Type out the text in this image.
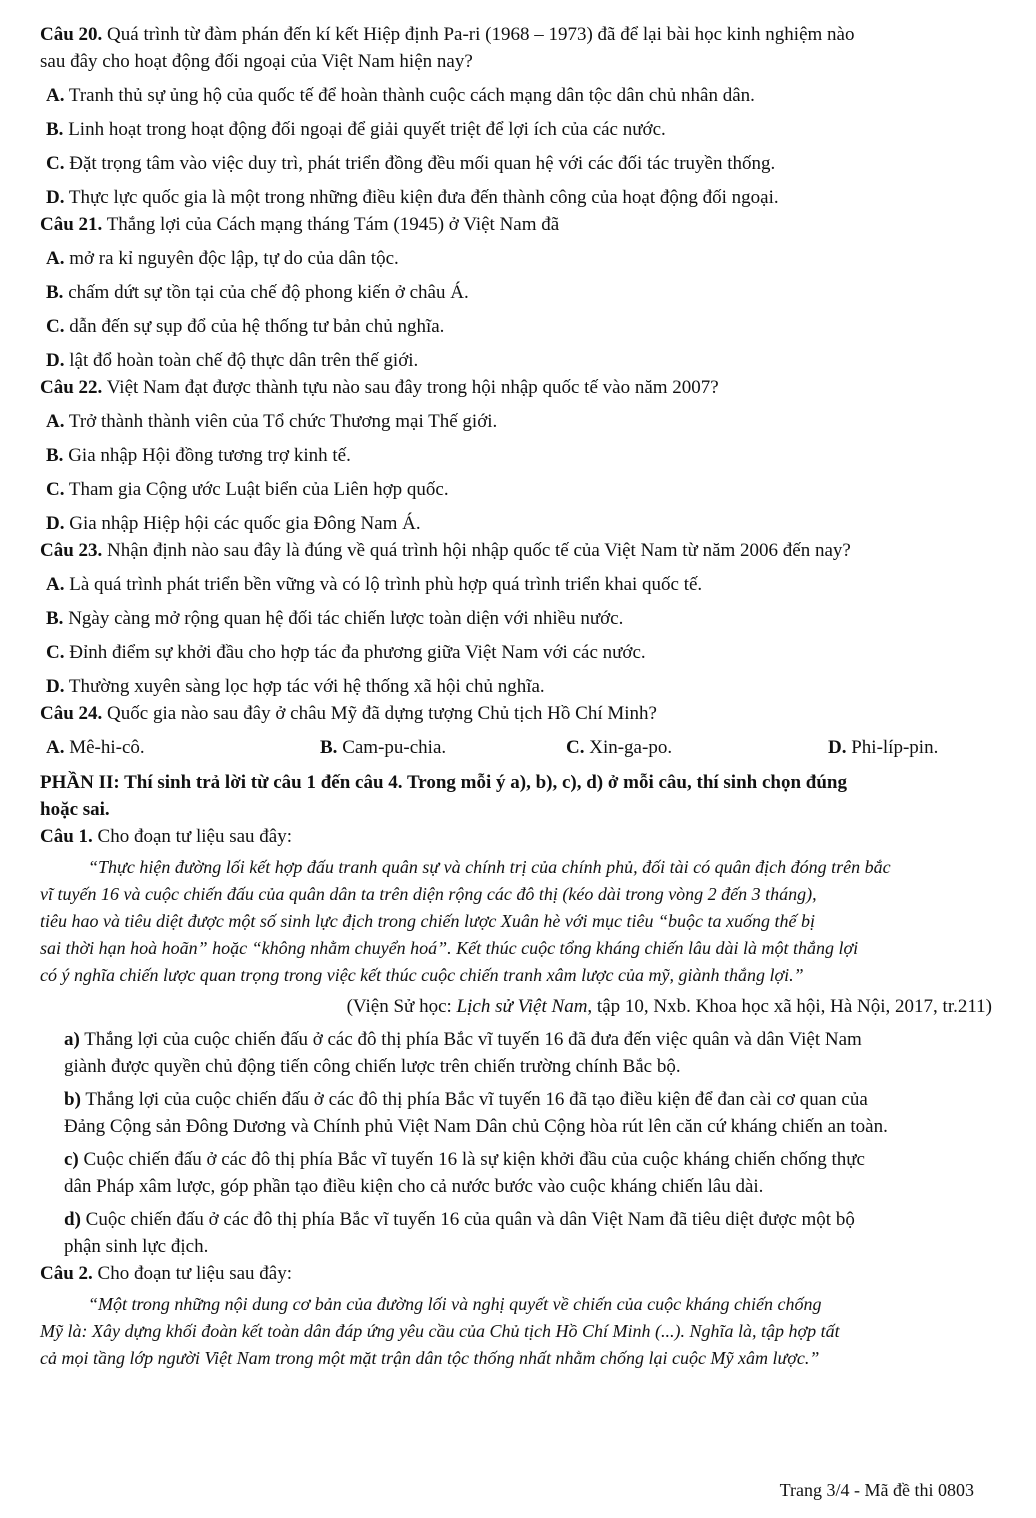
Câu 20. Quá trình từ đàm phán đến kí kết Hiệp định Pa-ri (1968 – 1973) đã để lại bài học kinh nghiệm nào

sau đây cho hoạt động đối ngoại của Việt Nam hiện nay?

A. Tranh thủ sự ủng hộ của quốc tế để hoàn thành cuộc cách mạng dân tộc dân chủ nhân dân.

B. Linh hoạt trong hoạt động đối ngoại để giải quyết triệt để lợi ích của các nước.

C. Đặt trọng tâm vào việc duy trì, phát triển đồng đều mối quan hệ với các đối tác truyền thống.

D. Thực lực quốc gia là một trong những điều kiện đưa đến thành công của hoạt động đối ngoại.

Câu 21. Thắng lợi của Cách mạng tháng Tám (1945) ở Việt Nam đã

A. mở ra kỉ nguyên độc lập, tự do của dân tộc.

B. chấm dứt sự tồn tại của chế độ phong kiến ở châu Á.

C. dẫn đến sự sụp đổ của hệ thống tư bản chủ nghĩa.

D. lật đổ hoàn toàn chế độ thực dân trên thế giới.

Câu 22. Việt Nam đạt được thành tựu nào sau đây trong hội nhập quốc tế vào năm 2007?

A. Trở thành thành viên của Tổ chức Thương mại Thế giới.

B. Gia nhập Hội đồng tương trợ kinh tế.

C. Tham gia Cộng ước Luật biển của Liên hợp quốc.

D. Gia nhập Hiệp hội các quốc gia Đông Nam Á.

Câu 23. Nhận định nào sau đây là đúng về quá trình hội nhập quốc tế của Việt Nam từ năm 2006 đến nay?

A. Là quá trình phát triển bền vững và có lộ trình phù hợp quá trình triển khai quốc tế.

B. Ngày càng mở rộng quan hệ đối tác chiến lược toàn diện với nhiều nước.

C. Đỉnh điểm sự khởi đầu cho hợp tác đa phương giữa Việt Nam với các nước.

D. Thường xuyên sàng lọc hợp tác với hệ thống xã hội chủ nghĩa.

Câu 24. Quốc gia nào sau đây ở châu Mỹ đã dựng tượng Chủ tịch Hồ Chí Minh?

A. Mê-hi-cô.	B. Cam-pu-chia.	C. Xin-ga-po.	D. Phi-líp-pin.

PHẦN II: Thí sinh trả lời từ câu 1 đến câu 4. Trong mỗi ý a), b), c), d) ở mỗi câu, thí sinh chọn đúng

hoặc sai.

Câu 1. Cho đoạn tư liệu sau đây:

“Thực hiện đường lối kết hợp đấu tranh quân sự và chính trị của chính phủ, đối tài có quân địch đóng trên bắc
vĩ tuyến 16 và cuộc chiến đấu của quân dân ta trên diện rộng các đô thị (kéo dài trong vòng 2 đến 3 tháng),
tiêu hao và tiêu diệt được một số sinh lực địch trong chiến lược Xuân hè với mục tiêu “buộc ta xuống thế bị
sai thời hạn hoà hoãn” hoặc “không nhằm chuyển hoá”. Kết thúc cuộc tổng kháng chiến lâu dài là một thắng lợi
có ý nghĩa chiến lược quan trọng trong việc kết thúc cuộc chiến tranh xâm lược của mỹ, giành thắng lợi.”

(Viện Sử học: Lịch sử Việt Nam, tập 10, Nxb. Khoa học xã hội, Hà Nội, 2017, tr.211)

a) Thắng lợi của cuộc chiến đấu ở các đô thị phía Bắc vĩ tuyến 16 đã đưa đến việc quân và dân Việt Nam
giành được quyền chủ động tiến công chiến lược trên chiến trường chính Bắc bộ.

b) Thắng lợi của cuộc chiến đấu ở các đô thị phía Bắc vĩ tuyến 16 đã tạo điều kiện để đan cài cơ quan của
Đảng Cộng sản Đông Dương và Chính phủ Việt Nam Dân chủ Cộng hòa rút lên căn cứ kháng chiến an toàn.

c) Cuộc chiến đấu ở các đô thị phía Bắc vĩ tuyến 16 là sự kiện khởi đầu của cuộc kháng chiến chống thực
dân Pháp xâm lược, góp phần tạo điều kiện cho cả nước bước vào cuộc kháng chiến lâu dài.

d) Cuộc chiến đấu ở các đô thị phía Bắc vĩ tuyến 16 của quân và dân Việt Nam đã tiêu diệt được một bộ
phận sinh lực địch.

Câu 2. Cho đoạn tư liệu sau đây:

“Một trong những nội dung cơ bản của đường lối và nghị quyết về chiến của cuộc kháng chiến chống
Mỹ là: Xây dựng khối đoàn kết toàn dân đáp ứng yêu cầu của Chủ tịch Hồ Chí Minh (...). Nghĩa là, tập hợp tất
cả mọi tầng lớp người Việt Nam trong một mặt trận dân tộc thống nhất nhằm chống lại cuộc Mỹ xâm lược.”
Trang 3/4 - Mã đề thi 0803
